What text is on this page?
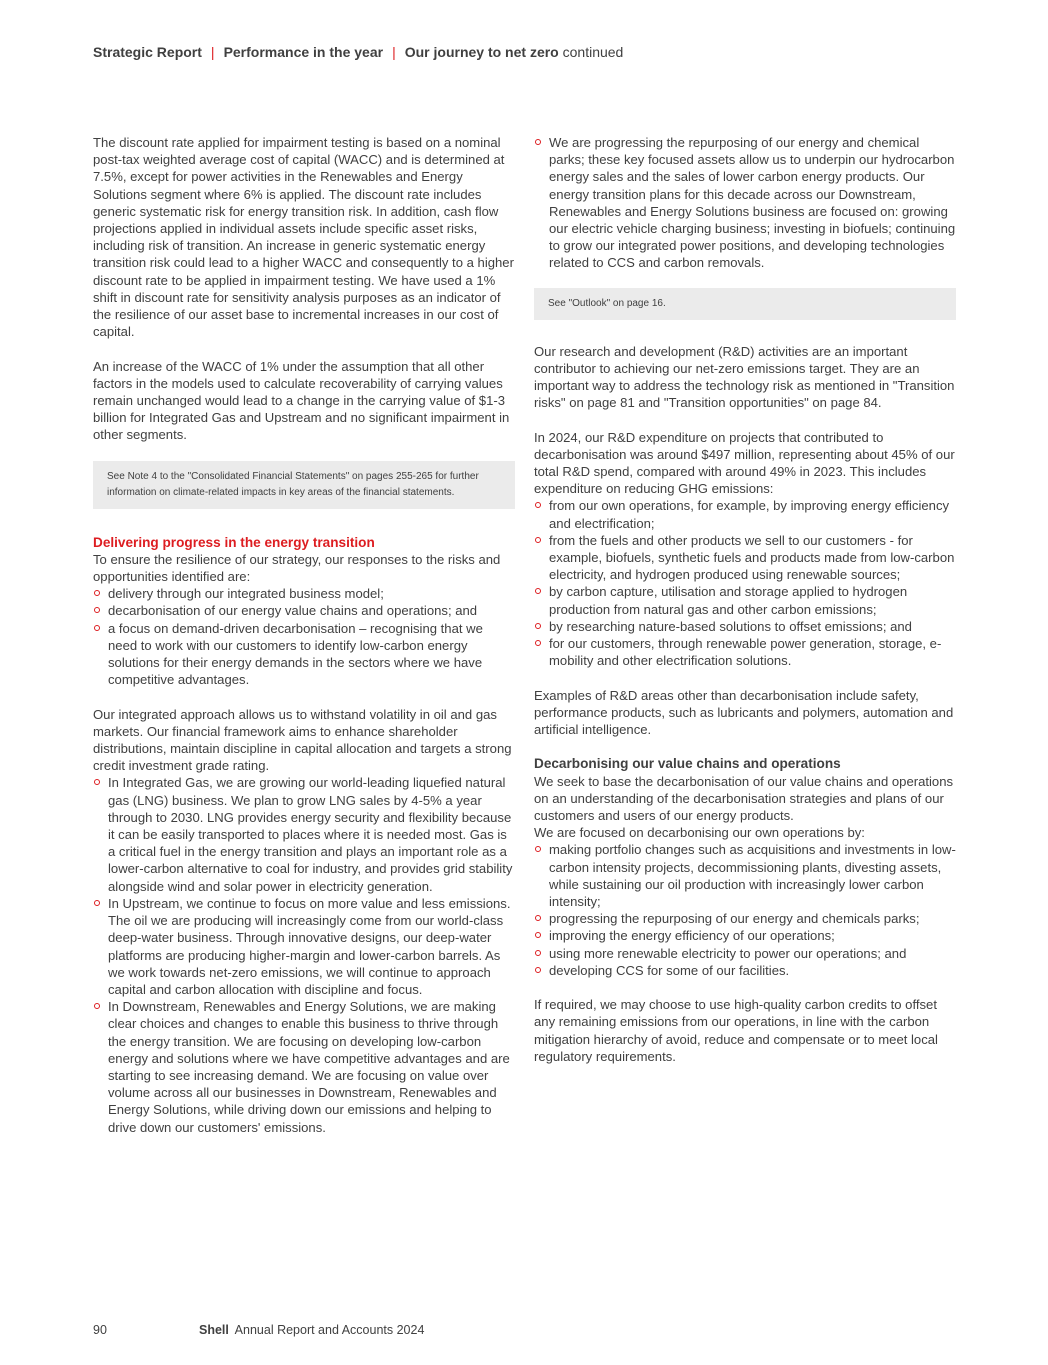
Strategic Report | Performance in the year | Our journey to net zero continued

The discount rate applied for impairment testing is based on a nominal post-tax weighted average cost of capital (WACC) and is determined at 7.5%, except for power activities in the Renewables and Energy Solutions segment where 6% is applied. The discount rate includes generic systematic risk for energy transition risk. In addition, cash flow projections applied in individual assets include specific asset risks, including risk of transition. An increase in generic systematic energy transition risk could lead to a higher WACC and consequently to a higher discount rate to be applied in impairment testing. We have used a 1% shift in discount rate for sensitivity analysis purposes as an indicator of the resilience of our asset base to incremental increases in our cost of capital.

An increase of the WACC of 1% under the assumption that all other factors in the models used to calculate recoverability of carrying values remain unchanged would lead to a change in the carrying value of $1-3 billion for Integrated Gas and Upstream and no significant impairment in other segments.

See Note 4 to the "Consolidated Financial Statements" on pages 255-265 for further information on climate-related impacts in key areas of the financial statements.
Delivering progress in the energy transition

To ensure the resilience of our strategy, our responses to the risks and opportunities identified are:

delivery through our integrated business model;
decarbonisation of our energy value chains and operations; and
a focus on demand-driven decarbonisation – recognising that we need to work with our customers to identify low-carbon energy solutions for their energy demands in the sectors where we have competitive advantages.

Our integrated approach allows us to withstand volatility in oil and gas markets. Our financial framework aims to enhance shareholder distributions, maintain discipline in capital allocation and targets a strong credit investment grade rating.

In Integrated Gas, we are growing our world-leading liquefied natural gas (LNG) business. We plan to grow LNG sales by 4-5% a year through to 2030. LNG provides energy security and flexibility because it can be easily transported to places where it is needed most. Gas is a critical fuel in the energy transition and plays an important role as a lower-carbon alternative to coal for industry, and provides grid stability alongside wind and solar power in electricity generation.
In Upstream, we continue to focus on more value and less emissions. The oil we are producing will increasingly come from our world-class deep-water business. Through innovative designs, our deep-water platforms are producing higher-margin and lower-carbon barrels. As we work towards net-zero emissions, we will continue to approach capital and carbon allocation with discipline and focus.
In Downstream, Renewables and Energy Solutions, we are making clear choices and changes to enable this business to thrive through the energy transition. We are focusing on developing low-carbon energy and solutions where we have competitive advantages and are starting to see increasing demand. We are focusing on value over volume across all our businesses in Downstream, Renewables and Energy Solutions, while driving down our emissions and helping to drive down our customers' emissions.
We are progressing the repurposing of our energy and chemical parks; these key focused assets allow us to underpin our hydrocarbon energy sales and the sales of lower carbon energy products. Our energy transition plans for this decade across our Downstream, Renewables and Energy Solutions business are focused on: growing our electric vehicle charging business; investing in biofuels; continuing to grow our integrated power positions, and developing technologies related to CCS and carbon removals.
See "Outlook" on page 16.

Our research and development (R&D) activities are an important contributor to achieving our net-zero emissions target. They are an important way to address the technology risk as mentioned in "Transition risks" on page 81 and "Transition opportunities" on page 84.

In 2024, our R&D expenditure on projects that contributed to decarbonisation was around $497 million, representing about 45% of our total R&D spend, compared with around 49% in 2023. This includes expenditure on reducing GHG emissions:

from our own operations, for example, by improving energy efficiency and electrification;
from the fuels and other products we sell to our customers - for example, biofuels, synthetic fuels and products made from low-carbon electricity, and hydrogen produced using renewable sources;
by carbon capture, utilisation and storage applied to hydrogen production from natural gas and other carbon emissions;
by researching nature-based solutions to offset emissions; and
for our customers, through renewable power generation, storage, e-mobility and other electrification solutions.

Examples of R&D areas other than decarbonisation include safety, performance products, such as lubricants and polymers, automation and artificial intelligence.

Decarbonising our value chains and operations

We seek to base the decarbonisation of our value chains and operations on an understanding of the decarbonisation strategies and plans of our customers and users of our energy products.

We are focused on decarbonising our own operations by:

making portfolio changes such as acquisitions and investments in low-carbon intensity projects, decommissioning plants, divesting assets, while sustaining our oil production with increasingly lower carbon intensity;
progressing the repurposing of our energy and chemicals parks;
improving the energy efficiency of our operations;
using more renewable electricity to power our operations; and
developing CCS for some of our facilities.

If required, we may choose to use high-quality carbon credits to offset any remaining emissions from our operations, in line with the carbon mitigation hierarchy of avoid, reduce and compensate or to meet local regulatory requirements.

90	Shell Annual Report and Accounts 2024
